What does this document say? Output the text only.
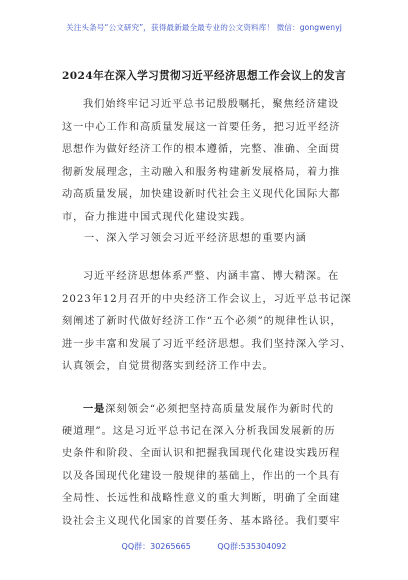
关注头条号“公文研究”，获得最新最全最专业的公文资料库！ 微信：gongwenyj
2024年在深入学习贯彻习近平经济思想工作会议上的发言

我们始终牢记习近平总书记殷殷嘱托，聚焦经济建设
这一中心工作和高质量发展这一首要任务，把习近平经济
思想作为做好经济工作的根本遵循，完整、准确、全面贯
彻新发展理念，主动融入和服务构建新发展格局，着力推
动高质量发展，加快建设新时代社会主义现代化国际大都
市，奋力推进中国式现代化建设实践。

一、深入学习领会习近平经济思想的重要内涵

习近平经济思想体系严整、内涵丰富、博大精深。在
2023年12月召开的中央经济工作会议上，习近平总书记深
刻阐述了新时代做好经济工作“五个必须”的规律性认识，
进一步丰富和发展了习近平经济思想。我们坚持深入学习、
认真领会，自觉贯彻落实到经济工作中去。

一是深刻领会“必须把坚持高质量发展作为新时代的
硬道理”。这是习近平总书记在深入分析我国发展新的历
史条件和阶段、全面认识和把握我国现代化建设实践历程
以及各国现代化建设一般规律的基础上，作出的一个具有
全局性、长远性和战略性意义的重大判断，明确了全面建
设社会主义现代化国家的首要任务、基本路径。我们要牢

QQ群：30265665	QQ群:535304092
